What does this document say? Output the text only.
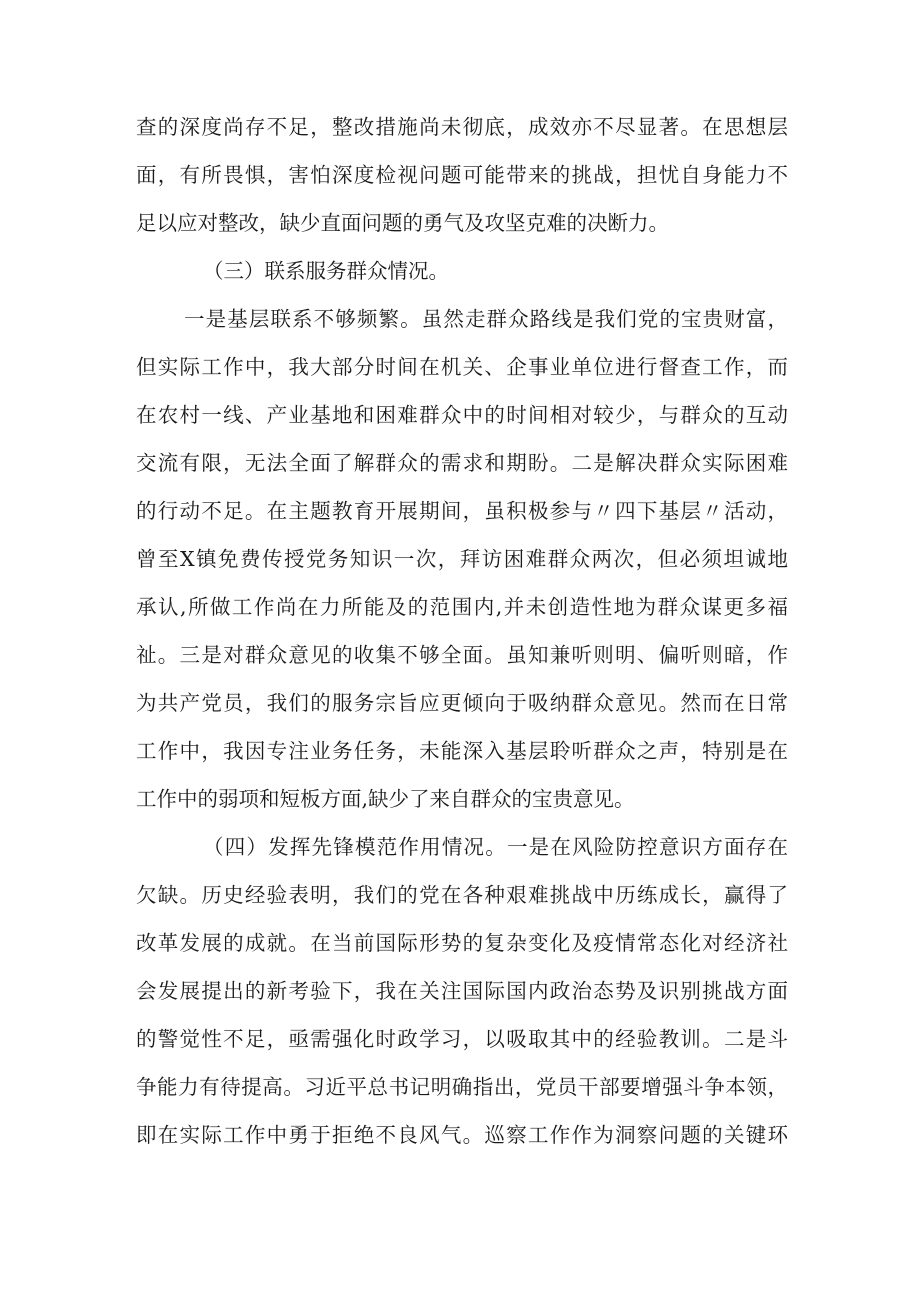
查的深度尚存不足，整改措施尚未彻底，成效亦不尽显著。在思想层
面，有所畏惧，害怕深度检视问题可能带来的挑战，担忧自身能力不
足以应对整改，缺少直面问题的勇气及攻坚克难的决断力。
（三）联系服务群众情况。
一是基层联系不够频繁。虽然走群众路线是我们党的宝贵财富，
但实际工作中，我大部分时间在机关、企事业单位进行督查工作，而
在农村一线、产业基地和困难群众中的时间相对较少，与群众的互动
交流有限，无法全面了解群众的需求和期盼。二是解决群众实际困难
的行动不足。在主题教育开展期间，虽积极参与〃四下基层〃活动，
曾至X镇免费传授党务知识一次，拜访困难群众两次，但必须坦诚地
承认,所做工作尚在力所能及的范围内,并未创造性地为群众谋更多福
祉。三是对群众意见的收集不够全面。虽知兼听则明、偏听则暗，作
为共产党员，我们的服务宗旨应更倾向于吸纳群众意见。然而在日常
工作中，我因专注业务任务，未能深入基层聆听群众之声，特别是在
工作中的弱项和短板方面,缺少了来自群众的宝贵意见。
（四）发挥先锋模范作用情况。一是在风险防控意识方面存在
欠缺。历史经验表明，我们的党在各种艰难挑战中历练成长，赢得了
改革发展的成就。在当前国际形势的复杂变化及疫情常态化对经济社
会发展提出的新考验下，我在关注国际国内政治态势及识别挑战方面
的警觉性不足，亟需强化时政学习，以吸取其中的经验教训。二是斗
争能力有待提高。习近平总书记明确指出，党员干部要增强斗争本领，
即在实际工作中勇于拒绝不良风气。巡察工作作为洞察问题的关键环
